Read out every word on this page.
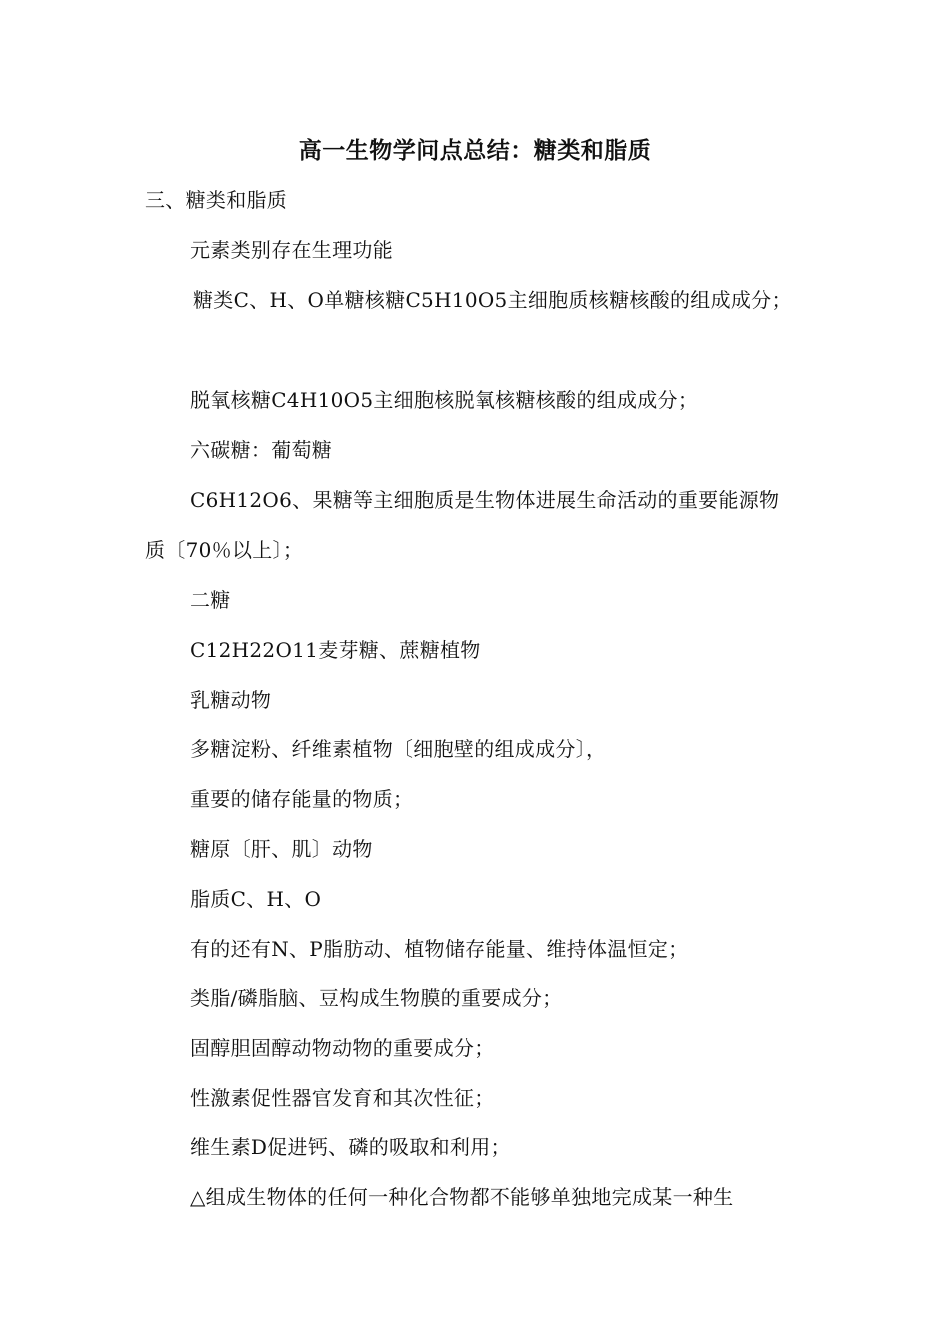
高一生物学问点总结：糖类和脂质
三、糖类和脂质
元素类别存在生理功能
糖类C、H、O单糖核糖C5H10O5主细胞质核糖核酸的组成成分；
脱氧核糖C4H10O5主细胞核脱氧核糖核酸的组成成分；
六碳糖：葡萄糖
C6H12O6、果糖等主细胞质是生物体进展生命活动的重要能源物
质〔70％以上〕；
二糖
C12H22O11麦芽糖、蔗糖植物
乳糖动物
多糖淀粉、纤维素植物〔细胞壁的组成成分〕，
重要的储存能量的物质；
糖原〔肝、肌〕动物
脂质C、H、O
有的还有N、P脂肪动、植物储存能量、维持体温恒定；
类脂/磷脂脑、豆构成生物膜的重要成分；
固醇胆固醇动物动物的重要成分；
性激素促性器官发育和其次性征；
维生素D促进钙、磷的吸取和利用；
△组成生物体的任何一种化合物都不能够单独地完成某一种生
